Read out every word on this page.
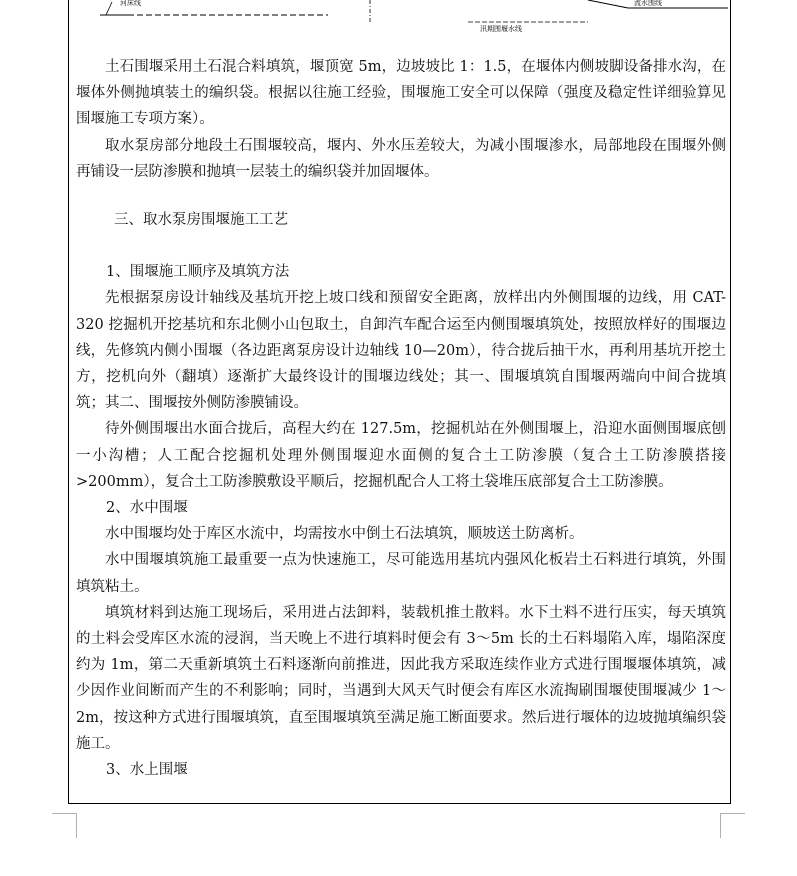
河床线
汛期围堰水线
流水围线

土石围堰采用土石混合料填筑，堰顶宽 5m，边坡坡比 1：1.5，在堰体内侧坡脚设备排水沟，在堰体外侧抛填装土的编织袋。根据以往施工经验，围堰施工安全可以保障（强度及稳定性详细验算见围堰施工专项方案）。

取水泵房部分地段土石围堰较高，堰内、外水压差较大，为减小围堰渗水，局部地段在围堰外侧再铺设一层防渗膜和抛填一层装土的编织袋并加固堰体。

三、取水泵房围堰施工工艺

1、围堰施工顺序及填筑方法

先根据泵房设计轴线及基坑开挖上坡口线和预留安全距离，放样出内外侧围堰的边线，用 CAT-320 挖掘机开挖基坑和东北侧小山包取土，自卸汽车配合运至内侧围堰填筑处，按照放样好的围堰边线，先修筑内侧小围堰（各边距离泵房设计边轴线 10—20m），待合拢后抽干水，再利用基坑开挖土方，挖机向外（翻填）逐渐扩大最终设计的围堰边线处；其一、围堰填筑自围堰两端向中间合拢填筑；其二、围堰按外侧防渗膜铺设。

待外侧围堰出水面合拢后，高程大约在 127.5m，挖掘机站在外侧围堰上，沿迎水面侧围堰底刨一小沟槽；人工配合挖掘机处理外侧围堰迎水面侧的复合土工防渗膜（复合土工防渗膜搭接>200mm），复合土工防渗膜敷设平顺后，挖掘机配合人工将土袋堆压底部复合土工防渗膜。

2、水中围堰

水中围堰均处于库区水流中，均需按水中倒土石法填筑，顺坡送土防离析。

水中围堰填筑施工最重要一点为快速施工，尽可能选用基坑内强风化板岩土石料进行填筑，外围填筑粘土。

填筑材料到达施工现场后，采用进占法卸料，装载机推土散料。水下土料不进行压实，每天填筑的土料会受库区水流的浸润，当天晚上不进行填料时便会有 3～5m 长的土石料塌陷入库，塌陷深度约为 1m，第二天重新填筑土石料逐渐向前推进，因此我方采取连续作业方式进行围堰堰体填筑，减少因作业间断而产生的不利影响；同时，当遇到大风天气时便会有库区水流掏刷围堰使围堰减少 1～2m，按这种方式进行围堰填筑，直至围堰填筑至满足施工断面要求。然后进行堰体的边坡抛填编织袋施工。

3、水上围堰
